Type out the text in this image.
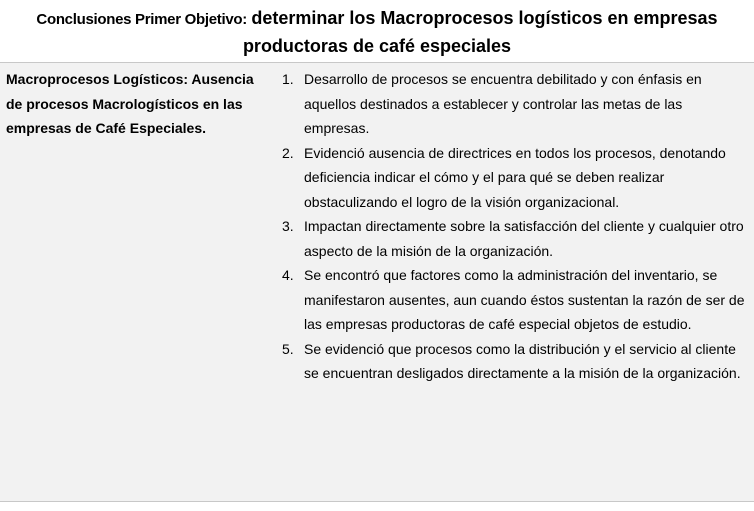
Conclusiones Primer Objetivo: determinar los Macroprocesos logísticos en empresas productoras de café especiales
Macroprocesos Logísticos: Ausencia de procesos Macrologísticos en las empresas de Café Especiales.
1. Desarrollo de procesos se encuentra debilitado y con énfasis en aquellos destinados a establecer y controlar las metas de las empresas.
2. Evidenció ausencia de directrices en todos los procesos, denotando deficiencia indicar el cómo y el para qué se deben realizar obstaculizando el logro de la visión organizacional.
3. Impactan directamente sobre la satisfacción del cliente y cualquier otro aspecto de la misión de la organización.
4. Se encontró que factores como la administración del inventario, se manifestaron ausentes, aun cuando éstos sustentan la razón de ser de las empresas productoras de café especial objetos de estudio.
5. Se evidenció que procesos como la distribución y el servicio al cliente se encuentran desligados directamente a la misión de la organización.
